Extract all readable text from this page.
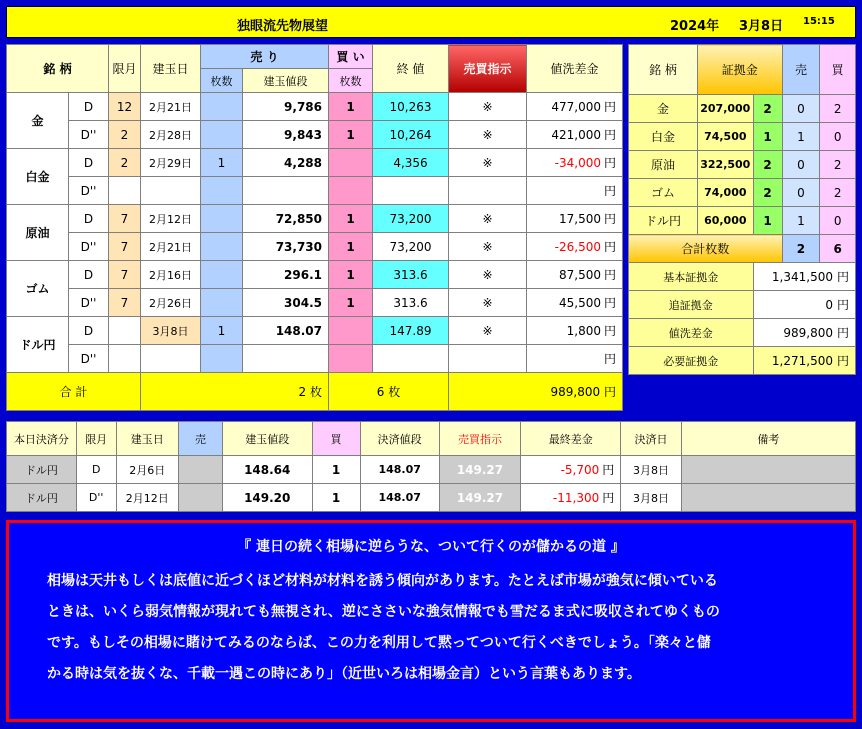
独眼流先物展望	2024年 3月8日 15:15
銘 柄		限月	建玉日	売 り		買 い	終 値	売買指示	値洗差金
				枚数	建玉値段	枚数			
金	D	12	2月21日		9,786	1	10,263	※	477,000 円
	D''	2	2月28日		9,843	1	10,264	※	421,000 円
白金	D	2	2月29日	1	4,288		4,356	※	-34,000 円
	D''								円
原油	D	7	2月12日		72,850	1	73,200	※	17,500 円
	D''	7	2月21日		73,730	1	73,200	※	-26,500 円
ゴム	D	7	2月16日		296.1	1	313.6	※	87,500 円
	D''	7	2月26日		304.5	1	313.6	※	45,500 円
ドル円	D		3月8日	1	148.07		147.89	※	1,800 円
	D''								円
合 計			2 枚			6 枚		989,800 円	
銘 柄	証拠金		売	買
金	207,000	2	0	2
白金	74,500	1	1	0
原油	322,500	2	0	2
ゴム	74,000	2	0	2
ドル円	60,000	1	1	0
合計枚数			2	6
基本証拠金		1,341,500 円		
追証拠金		0 円		
値洗差金		989,800 円		
必要証拠金		1,271,500 円		
本日決済分	限月	建玉日	売	建玉値段	買	決済値段	売買指示	最終差金	決済日	備考
ドル円	D	2月6日		148.64	1	148.07	149.27	-5,700 円	3月8日	
ドル円	D''	2月12日		149.20	1	148.07	149.27	-11,300 円	3月8日	
『 連日の続く相場に逆らうな、ついて行くのが儲かるの道 』
相場は天井もしくは底値に近づくほど材料が材料を誘う傾向があります。たとえば市場が強気に傾いている
ときは、いくら弱気情報が現れても無視され、逆にささいな強気情報でも雪だるま式に吸収されてゆくもの
です。もしその相場に賭けてみるのならば、この力を利用して黙ってついて行くべきでしょう。「楽々と儲
かる時は気を抜くな、千載一遇この時にあり」（近世いろは相場金言）という言葉もあります。
